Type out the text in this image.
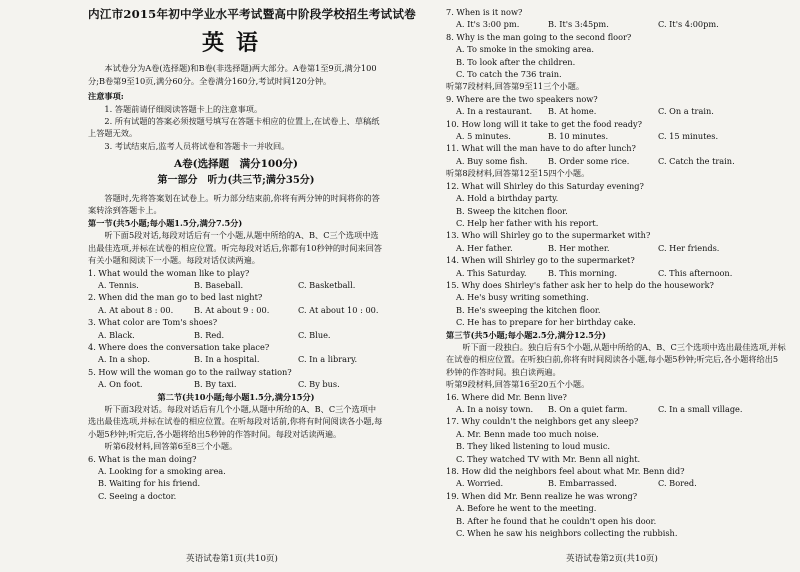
内江市2015年初中学业水平考试暨高中阶段学校招生考试试卷
英语

本试卷分为A卷(选择题)和B卷(非选择题)两大部分。A卷第1至9页,满分100分;B卷第9至10页,满分60分。全卷满分160分,考试时间120分钟。

注意事项:

1. 答题前请仔细阅读答题卡上的注意事项。

2. 所有试题的答案必须按题号填写在答题卡相应的位置上,在试卷上、草稿纸上答题无效。

3. 考试结束后,监考人员将试卷和答题卡一并收回。

A卷(选择题　满分100分)
第一部分　听力(共三节;满分35分)

答题时,先将答案划在试卷上。听力部分结束前,你将有两分钟的时间将你的答案转涂到答题卡上。

第一节(共5小题;每小题1.5分,满分7.5分)

听下面5段对话,每段对话后有一个小题,从题中所给的A、B、C三个选项中选出最佳选项,并标在试卷的相应位置。听完每段对话后,你都有10秒钟的时间来回答有关小题和阅读下一小题。每段对话仅读两遍。

1. What would the woman like to play?

A. Tennis.	B. Baseball.	C. Basketball.

2. When did the man go to bed last night?

A. At about 8 : 00.	B. At about 9 : 00.	C. At about 10 : 00.

3. What color are Tom's shoes?

A. Black.	B. Red.	C. Blue.

4. Where does the conversation take place?

A. In a shop.	B. In a hospital.	C. In a library.

5. How will the woman go to the railway station?

A. On foot.	B. By taxi.	C. By bus.

第二节(共10小题;每小题1.5分,满分15分)

听下面3段对话。每段对话后有几个小题,从题中所给的A、B、C三个选项中选出最佳选项,并标在试卷的相应位置。在听每段对话前,你将有时间阅读各小题,每小题5秒钟;听完后,各小题将给出5秒钟的作答时间。每段对话读两遍。

听第6段材料,回答第6至8三个小题。

6. What is the man doing?

A. Looking for a smoking area.

B. Waiting for his friend.

C. Seeing a doctor.

英语试卷第1页(共10页)

7. When is it now?

A. It's 3:00 pm.	B. It's 3:45pm.	C. It's 4:00pm.

8. Why is the man going to the second floor?

A. To smoke in the smoking area.

B. To look after the children.

C. To catch the 736 train.

听第7段材料,回答第9至11三个小题。

9. Where are the two speakers now?

A. In a restaurant.	B. At home.	C. On a train.

10. How long will it take to get the food ready?

A. 5 minutes.	B. 10 minutes.	C. 15 minutes.

11. What will the man have to do after lunch?

A. Buy some fish.	B. Order some rice.	C. Catch the train.

听第8段材料,回答第12至15四个小题。

12. What will Shirley do this Saturday evening?

A. Hold a birthday party.

B. Sweep the kitchen floor.

C. Help her father with his report.

13. Who will Shirley go to the supermarket with?

A. Her father.	B. Her mother.	C. Her friends.

14. When will Shirley go to the supermarket?

A. This Saturday.	B. This morning.	C. This afternoon.

15. Why does Shirley's father ask her to help do the housework?

A. He's busy writing something.

B. He's sweeping the kitchen floor.

C. He has to prepare for her birthday cake.

第三节(共5小题;每小题2.5分,满分12.5分)

听下面一段独白。独白后有5个小题,从题中所给的A、B、C三个选项中选出最佳选项,并标在试卷的相应位置。在听独白前,你将有时间阅读各小题,每小题5秒钟;听完后,各小题将给出5秒钟的作答时间。独白读两遍。

听第9段材料,回答第16至20五个小题。

16. Where did Mr. Benn live?

A. In a noisy town.	B. On a quiet farm.	C. In a small village.

17. Why couldn't the neighbors get any sleep?

A. Mr. Benn made too much noise.

B. They liked listening to loud music.

C. They watched TV with Mr. Benn all night.

18. How did the neighbors feel about what Mr. Benn did?

A. Worried.	B. Embarrassed.	C. Bored.

19. When did Mr. Benn realize he was wrong?

A. Before he went to the meeting.

B. After he found that he couldn't open his door.

C. When he saw his neighbors collecting the rubbish.

英语试卷第2页(共10页)
